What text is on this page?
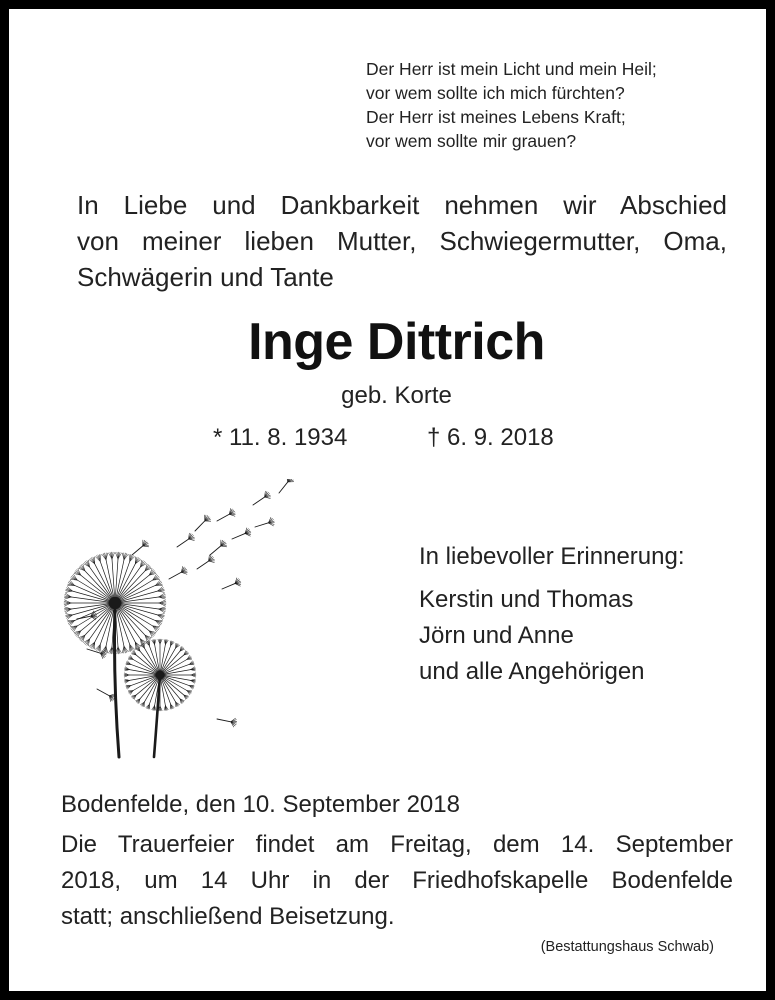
Der Herr ist mein Licht und mein Heil;
vor wem sollte ich mich fürchten?
Der Herr ist meines Lebens Kraft;
vor wem sollte mir grauen?
In Liebe und Dankbarkeit nehmen wir Abschied
von meiner lieben Mutter, Schwiegermutter, Oma,
Schwägerin und Tante
Inge Dittrich
geb. Korte
* 11. 8. 1934	† 6. 9. 2018
In liebevoller Erinnerung:
Kerstin und Thomas
Jörn und Anne
und alle Angehörigen
Bodenfelde, den 10. September 2018
Die Trauerfeier findet am Freitag, dem 14. September
2018, um 14 Uhr in der Friedhofskapelle Bodenfelde
statt; anschließend Beisetzung.
(Bestattungshaus Schwab)
